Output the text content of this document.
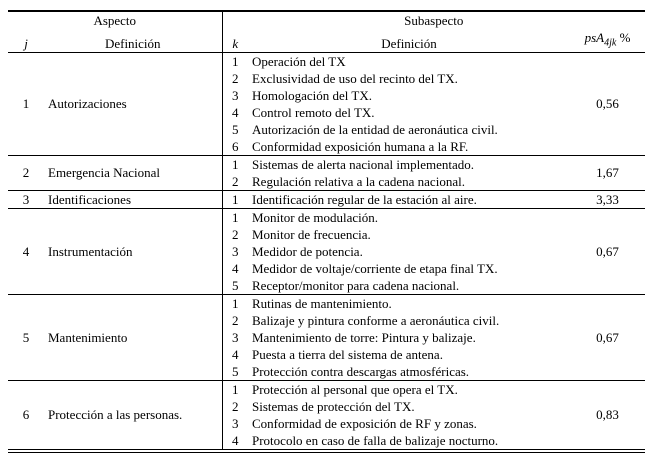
Aspecto		Subaspecto		
j	Definición	k	Definición	psA$_{4jk}$ %
1	Autorizaciones	1	Operación del TX	0,56
		2	Exclusividad de uso del recinto del TX.	
		3	Homologación del TX.	
		4	Control remoto del TX.	
		5	Autorización de la entidad de aeronáutica civil.	
		6	Conformidad exposición humana a la RF.	
2	Emergencia Nacional	1	Sistemas de alerta nacional implementado.	1,67
		2	Regulación relativa a la cadena nacional.	
3	Identificaciones	1	Identificación regular de la estación al aire.	3,33
4	Instrumentación	1	Monitor de modulación.	0,67
		2	Monitor de frecuencia.	
		3	Medidor de potencia.	
		4	Medidor de voltaje/corriente de etapa final TX.	
		5	Receptor/monitor para cadena nacional.	
5	Mantenimiento	1	Rutinas de mantenimiento.	0,67
		2	Balizaje y pintura conforme a aeronáutica civil.	
		3	Mantenimiento de torre: Pintura y balizaje.	
		4	Puesta a tierra del sistema de antena.	
		5	Protección contra descargas atmosféricas.	
6	Protección a las personas.	1	Protección al personal que opera el TX.	0,83
		2	Sistemas de protección del TX.	
		3	Conformidad de exposición de RF y zonas.	
		4	Protocolo en caso de falla de balizaje nocturno.	
